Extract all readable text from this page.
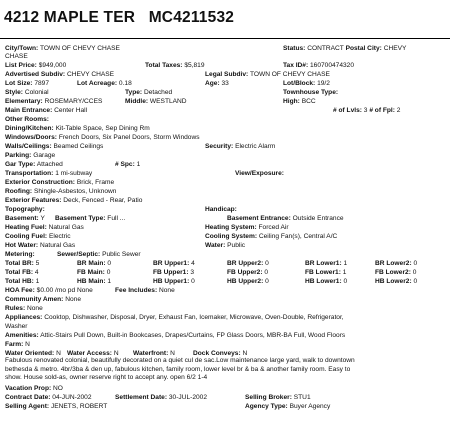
4212 MAPLE TER MC4211532
City/Town: TOWN OF CHEVY CHASE	Status: CONTRACT Postal City: CHEVY
CHASE
List Price: $949,000	Total Taxes: $5,819	Tax ID#: 160700474320
Advertised Subdiv: CHEVY CHASE	Legal Subdiv: TOWN OF CHEVY CHASE
Lot Size: 7897	Lot Acreage: 0.18	Age: 33	Lot/Block: 19/2
Style: Colonial	Type: Detached	Townhouse Type:
Elementary: ROSEMARY/CCES	Middle: WESTLAND	High: BCC
Main Entrance: Center Hall	# of Lvls: 3 # of Fpl: 2
Other Rooms:
Dining/Kitchen: Kit-Table Space, Sep Dining Rm
Windows/Doors: French Doors, Six Panel Doors, Storm Windows
Walls/Ceilings: Beamed Ceilings	Security: Electric Alarm
Parking: Garage
Gar Type: Attached	# Spc: 1
Transportation: 1 mi-subway	View/Exposure:
Exterior Construction: Brick, Frame
Roofing: Shingle-Asbestos, Unknown
Exterior Features: Deck, Fenced - Rear, Patio
Topography:	Handicap:
Basement: Y Basement Type: Full ...	Basement Entrance: Outside Entrance
Heating Fuel: Natural Gas	Heating System: Forced Air
Cooling Fuel: Electric	Cooling System: Ceiling Fan(s), Central A/C
Hot Water: Natural Gas	Water: Public
Metering:	Sewer/Septic: Public Sewer
Total BR: 5	BR Main: 0	BR Upper1: 4	BR Upper2: 0	BR Lower1: 1	BR Lower2: 0
Total FB: 4	FB Main: 0	FB Upper1: 3	FB Upper2: 0	FB Lower1: 1	FB Lower2: 0
Total HB: 1	HB Main: 1	HB Upper1: 0	HB Upper2: 0	HB Lower1: 0	HB Lower2: 0
HOA Fee: $0.00 /mo pd None	Fee Includes: None
Community Amen: None
Rules: None
Appliances: Cooktop, Dishwasher, Disposal, Dryer, Exhaust Fan, Icemaker, Microwave, Oven-Double, Refrigerator,
Washer
Amenities: Attic-Stairs Pull Down, Built-in Bookcases, Drapes/Curtains, FP Glass Doors, MBR-BA Full, Wood Floors
Farm: N
Water Oriented: N Water Access: N Waterfront: N	Dock Conveys: N
Fabulous renovated colonial, beautifully decorated on a quiet cul de sac.Low maintenance large yard, walk to downtown
bethesda & metro. 4br/3ba & den up, fabulous kitchen, family room, lower level br & ba & another family room. Easy to
show. House sold-as, owner reserve right to accept any. open 6/2 1-4
Vacation Prop: NO
Contract Date: 04-JUN-2002	Settlement Date: 30-JUL-2002	Selling Broker: STU1
Selling Agent: JENETS, ROBERT	Agency Type: Buyer Agency
